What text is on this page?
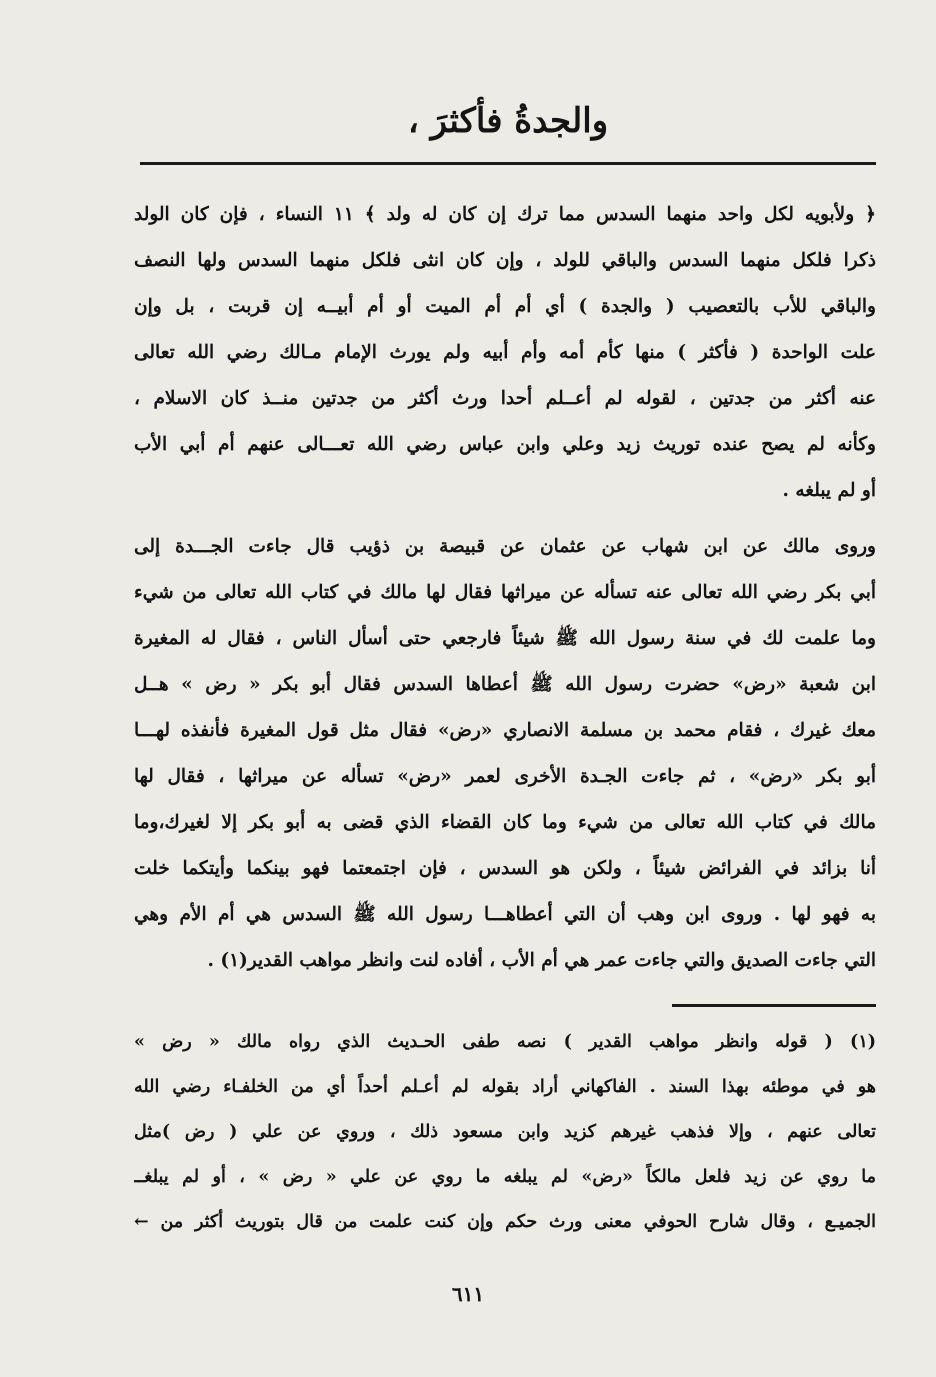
والجدةُ فأكثرَ ،
﴿ ولأبويه لكل واحد منهما السدس مما ترك إن كان له ولد ﴾ ١١ النساء ، فإن كان الولد
ذكرا فلكل منهما السدس والباقي للولد ، وإن كان انثى فلكل منهما السدس ولها النصف
والباقي للأب بالتعصيب ( والجدة ) أي أم أم الميت أو أم أبيــه إن قربت ، بل وإن
علت الواحدة ( فأكثر ) منها كأم أمه وأم أبيه ولم يورث الإمام مـالك رضي الله تعالى
عنه أكثر من جدتين ، لقوله لم أعــلم أحدا ورث أكثر من جدتين منــذ كان الاسلام ،
وكأنه لم يصح عنده توريث زيد وعلي وابن عباس رضي الله تعـــالى عنهم أم أبي الأب
أو لم يبلغه .
وروى مالك عن ابن شهاب عن عثمان عن قبيصة بن ذؤيب قال جاءت الجـــدة إلى
أبي بكر رضي الله تعالى عنه تسأله عن ميراثها فقال لها مالك في كتاب الله تعالى من شيء
وما علمت لك في سنة رسول الله ﷺ شيئاً فارجعي حتى أسأل الناس ، فقال له المغيرة
ابن شعبة «رض» حضرت رسول الله ﷺ أعطاها السدس فقال أبو بكر « رض » هــل
معك غيرك ، فقام محمد بن مسلمة الانصاري «رض» فقال مثل قول المغيرة فأنفذه لهـــا
أبو بكر «رض» ، ثم جاءت الجـدة الأخرى لعمر «رض» تسأله عن ميراثها ، فقال لها
مالك في كتاب الله تعالى من شيء وما كان القضاء الذي قضى به أبو بكر إلا لغيرك،وما
أنا بزائد في الفرائض شيئاً ، ولكن هو السدس ، فإن اجتمعتما فهو بينكما وأيتكما خلت
به فهو لها . وروى ابن وهب أن التي أعطاهـــا رسول الله ﷺ السدس هي أم الأم وهي
التي جاءت الصديق والتي جاءت عمر هي أم الأب ، أفاده لنت وانظر مواهب القدير(١) .
(١) ( قوله وانظر مواهب القدير ) نصه طفى الحـديث الذي رواه مالك « رض »
هو في موطئه بهذا السند . الفاكهاني أراد بقوله لم أعـلم أحداً أي من الخلفـاء رضي الله
تعالى عنهم ، وإلا فذهب غيرهم كزيد وابن مسعود ذلك ، وروي عن علي ( رض )مثل
ما روي عن زيد فلعل مالكاً «رض» لم يبلغه ما روي عن علي « رض » ، أو لم يبلغــ
الجميـع ، وقال شارح الحوفي معنى ورث حكم وإن كنت علمت من قال بتوريث أكثر من ←
٦١١
